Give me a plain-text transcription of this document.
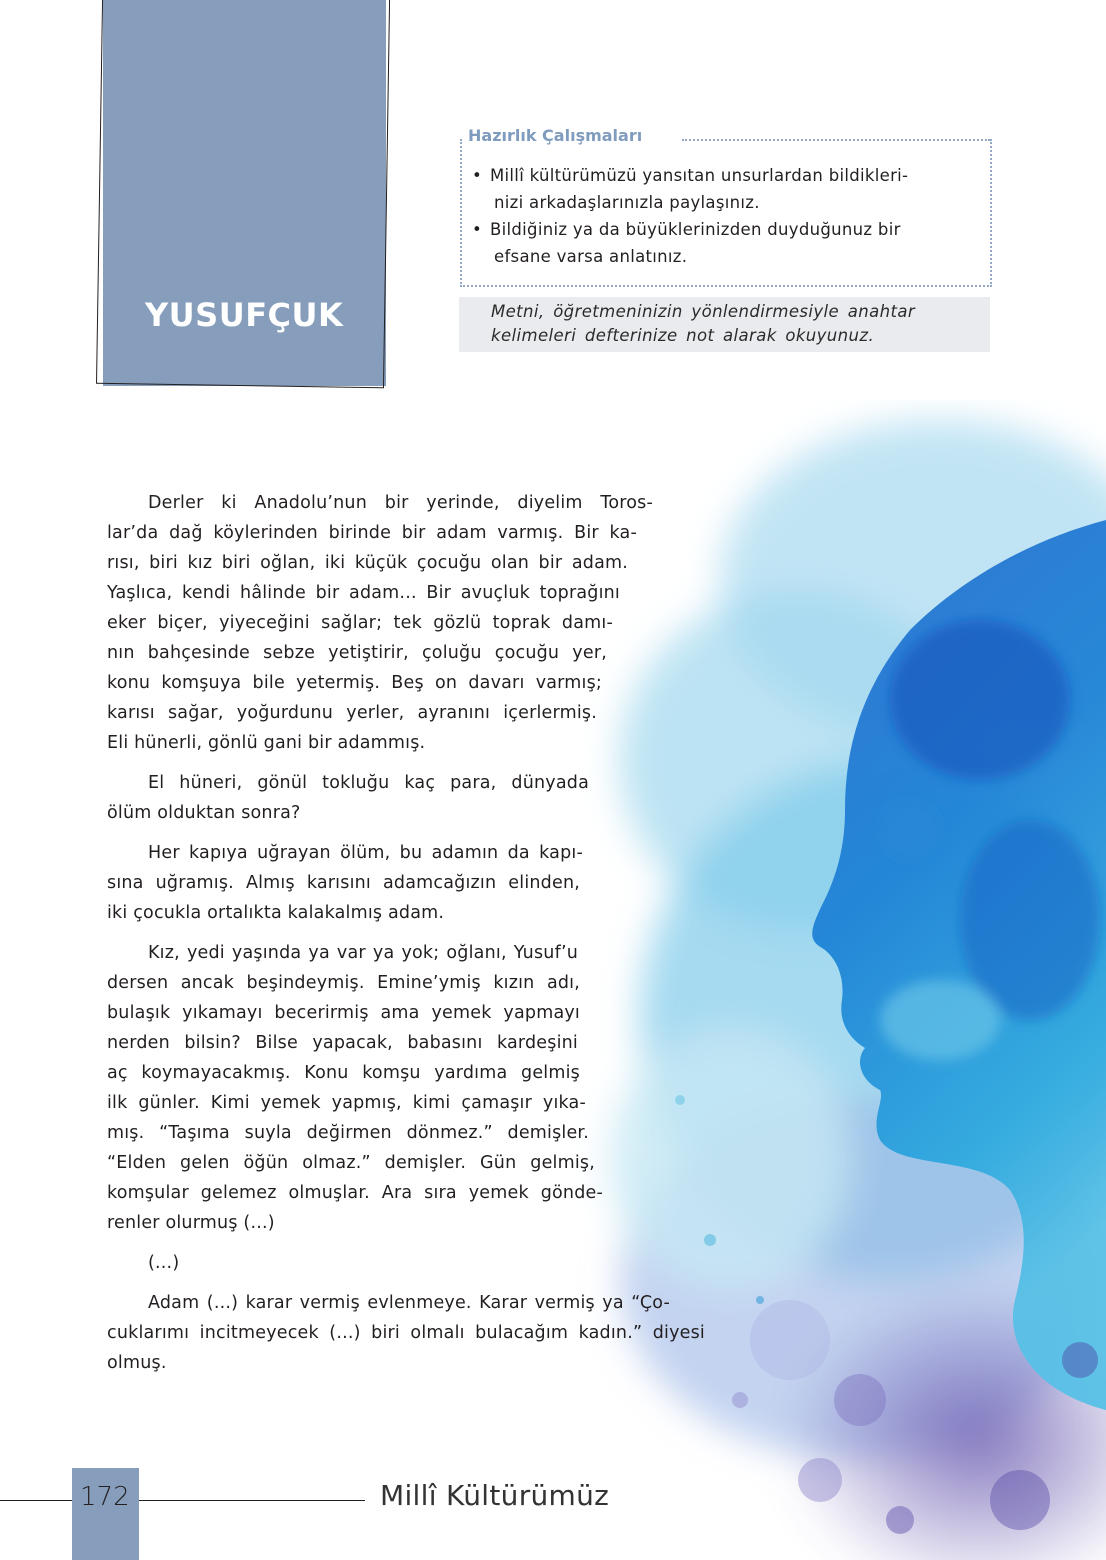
YUSUFÇUK
Hazırlık Çalışmaları
• Millî kültürümüzü yansıtan unsurlardan bildikleri-
nizi arkadaşlarınızla paylaşınız.
• Bildiğiniz ya da büyüklerinizden duyduğunuz bir
efsane varsa anlatınız.

Metni, öğretmeninizin yönlendirmesiyle anahtar kelimeleri defterinize not alarak okuyunuz.

Derler ki Anadolu’nun bir yerinde, diyelim Toros-
lar’da dağ köylerinden birinde bir adam varmış. Bir ka-
rısı, biri kız biri oğlan, iki küçük çocuğu olan bir adam.
Yaşlıca, kendi hâlinde bir adam... Bir avuçluk toprağını
eker biçer, yiyeceğini sağlar; tek gözlü toprak damı-
nın bahçesinde sebze yetiştirir, çoluğu çocuğu yer,
konu komşuya bile yetermiş. Beş on davarı varmış;
karısı sağar, yoğurdunu yerler, ayranını içerlermiş.
Eli hünerli, gönlü gani bir adammış.
El hüneri, gönül tokluğu kaç para, dünyada
ölüm olduktan sonra?
Her kapıya uğrayan ölüm, bu adamın da kapı-
sına uğramış. Almış karısını adamcağızın elinden,
iki çocukla ortalıkta kalakalmış adam.
Kız, yedi yaşında ya var ya yok; oğlanı, Yusuf’u
dersen ancak beşindeymiş. Emine’ymiş kızın adı,
bulaşık yıkamayı becerirmiş ama yemek yapmayı
nerden bilsin? Bilse yapacak, babasını kardeşini
aç koymayacakmış. Konu komşu yardıma gelmiş
ilk günler. Kimi yemek yapmış, kimi çamaşır yıka-
mış. “Taşıma suyla değirmen dönmez.” demişler.
“Elden gelen öğün olmaz.” demişler. Gün gelmiş,
komşular gelemez olmuşlar. Ara sıra yemek gönde-
renler olurmuş (...)
(...)
Adam (...) karar vermiş evlenmeye. Karar vermiş ya “Ço-
cuklarımı incitmeyecek (...) biri olmalı bulacağım kadın.” diyesi
olmuş.

172	Millî Kültürümüz
